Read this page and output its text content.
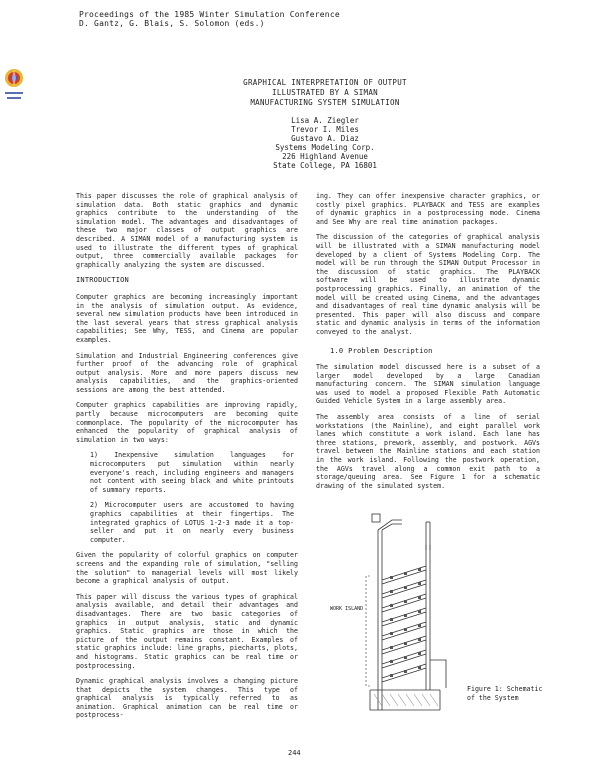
Proceedings of the 1985 Winter Simulation Conference
D. Gantz, G. Blais, S. Solomon (eds.)
GRAPHICAL INTERPRETATION OF OUTPUT
ILLUSTRATED BY A SIMAN
MANUFACTURING SYSTEM SIMULATION
Lisa A. Ziegler
Trevor I. Miles
Gustavo A. Diaz
Systems Modeling Corp.
226 Highland Avenue
State College, PA 16801

This paper discusses the role of graphical analysis of simulation data. Both static graphics and dynamic graphics contribute to the understanding of the simulation model. The advantages and disadvantages of these two major classes of output graphics are described. A SIMAN model of a manufacturing system is used to illustrate the different types of graphical output, three commercially available packages for graphically analyzing the system are discussed.

INTRODUCTION

Computer graphics are becoming increasingly important in the analysis of simulation output. As evidence, several new simulation products have been introduced in the last several years that stress graphical analysis capabilities; See Why, TESS, and Cinema are popular examples.

Simulation and Industrial Engineering conferences give further proof of the advancing role of graphical output analysis. More and more papers discuss new analysis capabilities, and the graphics-oriented sessions are among the best attended.

Computer graphics capabilities are improving rapidly, partly because microcomputers are becoming quite commonplace. The popularity of the microcomputer has enhanced the popularity of graphical analysis of simulation in two ways:

1) Inexpensive simulation languages for microcomputers put simulation within nearly everyone's reach, including engineers and managers not content with seeing black and white printouts of summary reports.

2) Microcomputer users are accustomed to having graphics capabilities at their fingertips. The integrated graphics of LOTUS 1-2-3 made it a top-seller and put it on nearly every business computer.

Given the popularity of colorful graphics on computer screens and the expanding role of simulation, "selling the solution" to managerial levels will most likely become a graphical analysis of output.

This paper will discuss the various types of graphical analysis available, and detail their advantages and disadvantages. There are two basic categories of graphics in output analysis, static and dynamic graphics. Static graphics are those in which the picture of the output remains constant. Examples of static graphics include: line graphs, piecharts, plots, and histograms. Static graphics can be real time or postprocessing.

Dynamic graphical analysis involves a changing picture that depicts the system changes. This type of graphical analysis is typically referred to as animation. Graphical animation can be real time or postprocess-

ing. They can offer inexpensive character graphics, or costly pixel graphics. PLAYBACK and TESS are examples of dynamic graphics in a postprocessing mode. Cinema and See Why are real time animation packages.

The discussion of the categories of graphical analysis will be illustrated with a SIMAN manufacturing model developed by a client of Systems Modeling Corp. The model will be run through the SIMAN Output Processor in the discussion of static graphics. The PLAYBACK software will be used to illustrate dynamic postprocessing graphics. Finally, an animation of the model will be created using Cinema, and the advantages and disadvantages of real time dynamic analysis will be presented. This paper will also discuss and compare static and dynamic analysis in terms of the information conveyed to the analyst.

1.0 Problem Description

The simulation model discussed here is a subset of a larger model developed by a large Canadian manufacturing concern. The SIMAN simulation language was used to model a proposed Flexible Path Automatic Guided Vehicle System in a large assembly area.

The assembly area consists of a line of serial workstations (the Mainline), and eight parallel work lanes which constitute a work island. Each lane has three stations, prework, assembly, and postwork. AGVs travel between the Mainline stations and each station in the work island. Following the postwork operation, the AGVs travel along a common exit path to a storage/queuing area. See Figure 1 for a schematic drawing of the simulated system.

WORK ISLAND
Figure 1: Schematic of the System
244
